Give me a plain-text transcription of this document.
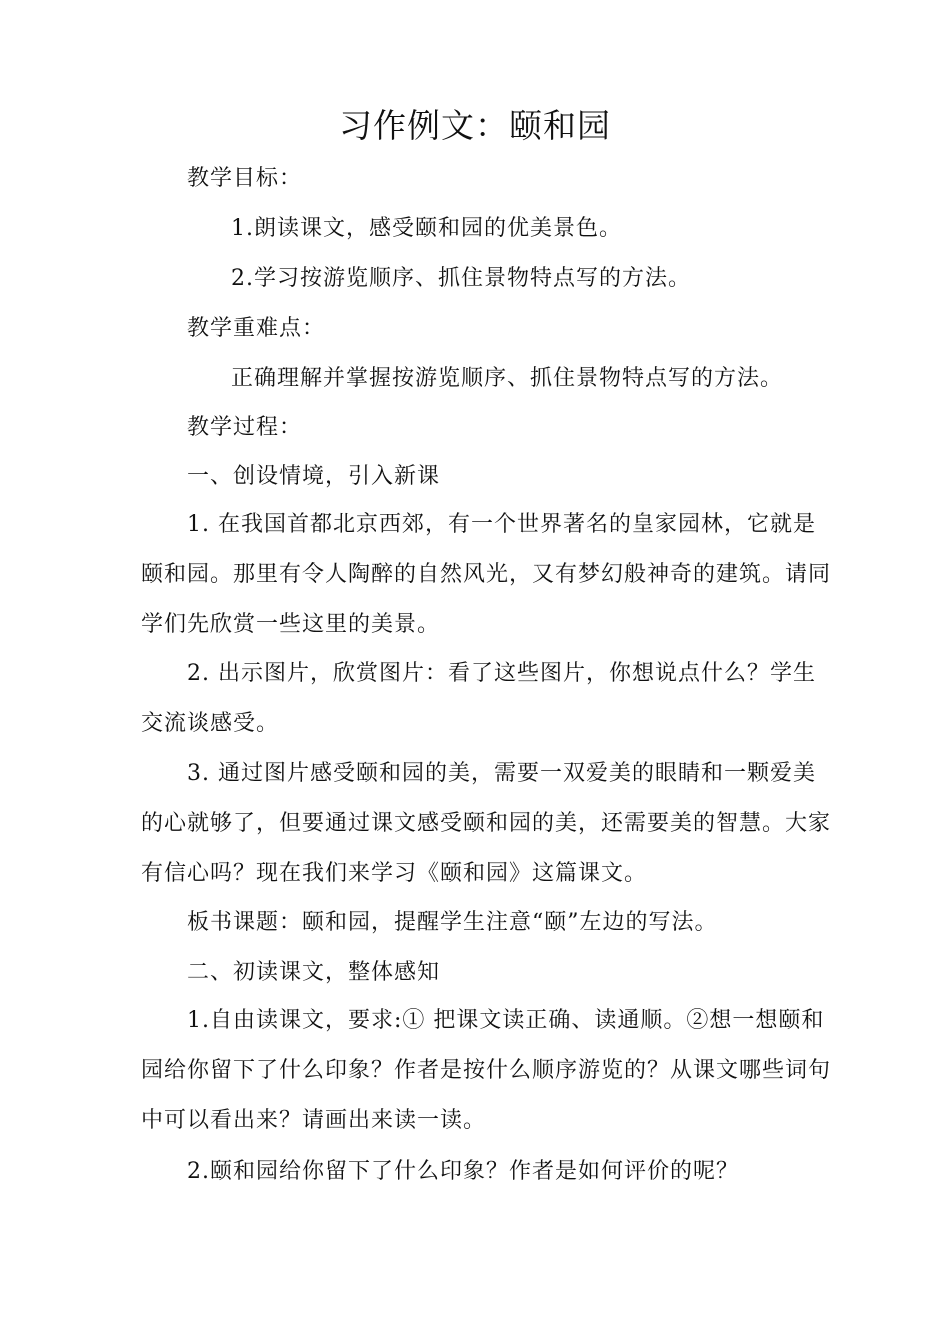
习作例文：颐和园
教学目标：
1.朗读课文，感受颐和园的优美景色。
2.学习按游览顺序、抓住景物特点写的方法。
教学重难点：
正确理解并掌握按游览顺序、抓住景物特点写的方法。
教学过程：
一、创设情境，引入新课
1. 在我国首都北京西郊，有一个世界著名的皇家园林，它就是颐和园。那里有令人陶醉的自然风光，又有梦幻般神奇的建筑。请同学们先欣赏一些这里的美景。
2. 出示图片，欣赏图片：看了这些图片，你想说点什么？学生交流谈感受。
3. 通过图片感受颐和园的美，需要一双爱美的眼睛和一颗爱美的心就够了，但要通过课文感受颐和园的美，还需要美的智慧。大家有信心吗？现在我们来学习《颐和园》这篇课文。
板书课题：颐和园，提醒学生注意“颐”左边的写法。
二、初读课文，整体感知
1.自由读课文，要求:① 把课文读正确、读通顺。②想一想颐和园给你留下了什么印象？作者是按什么顺序游览的？从课文哪些词句中可以看出来？请画出来读一读。
2.颐和园给你留下了什么印象？作者是如何评价的呢？
